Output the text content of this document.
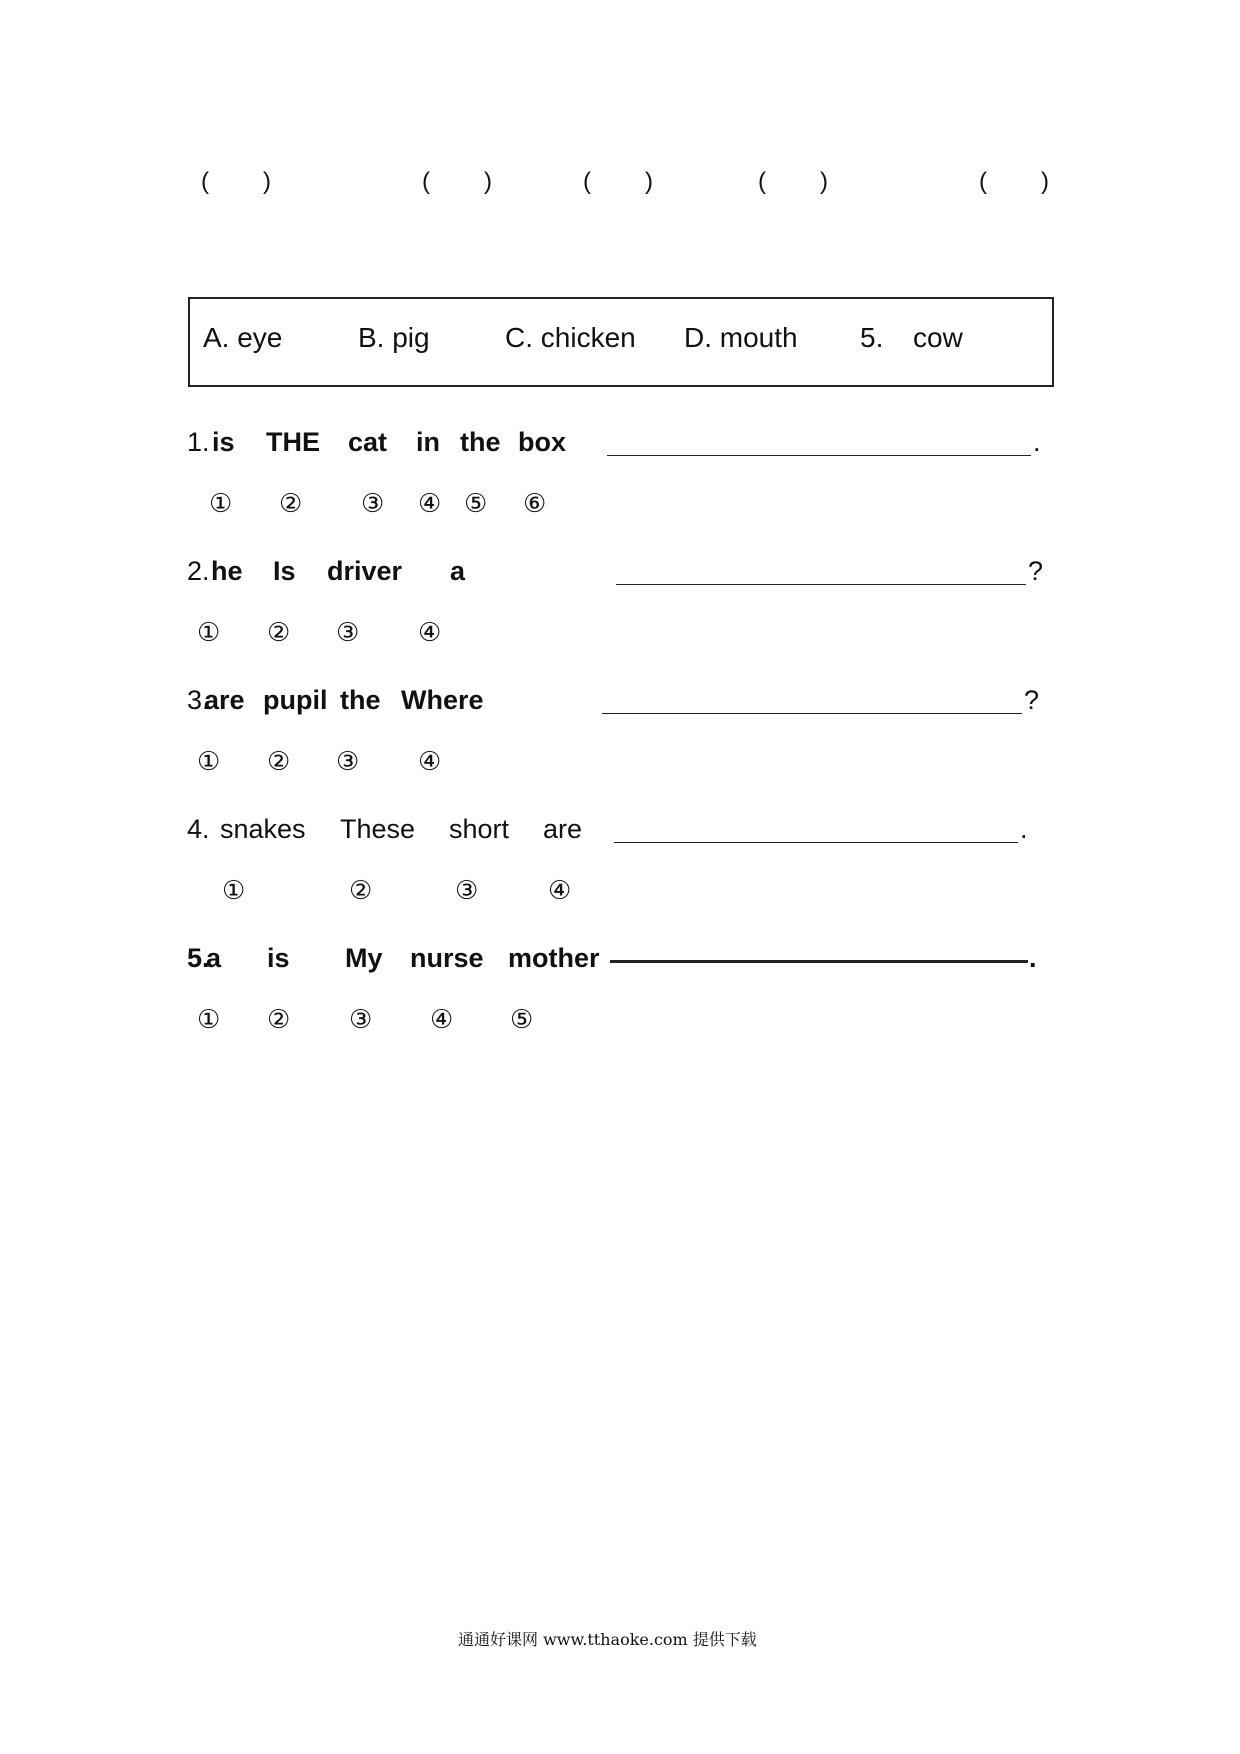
( )	( )	( )	( )	( )
A. eye	B. pig	C. chicken D. mouth 5. cow
1. is THE cat in the box	.
① ② ③ ④ ⑤ ⑥
2. he Is driver a	?
① ② ③ ④
3.
are pupil the Where	?
① ② ③ ④
4. snakes These short are	.
①	②	③	④
5.
a is My nurse mother	.
① ② ③ ④ ⑤
通通好课网 www.tthaoke.com 提供下载
